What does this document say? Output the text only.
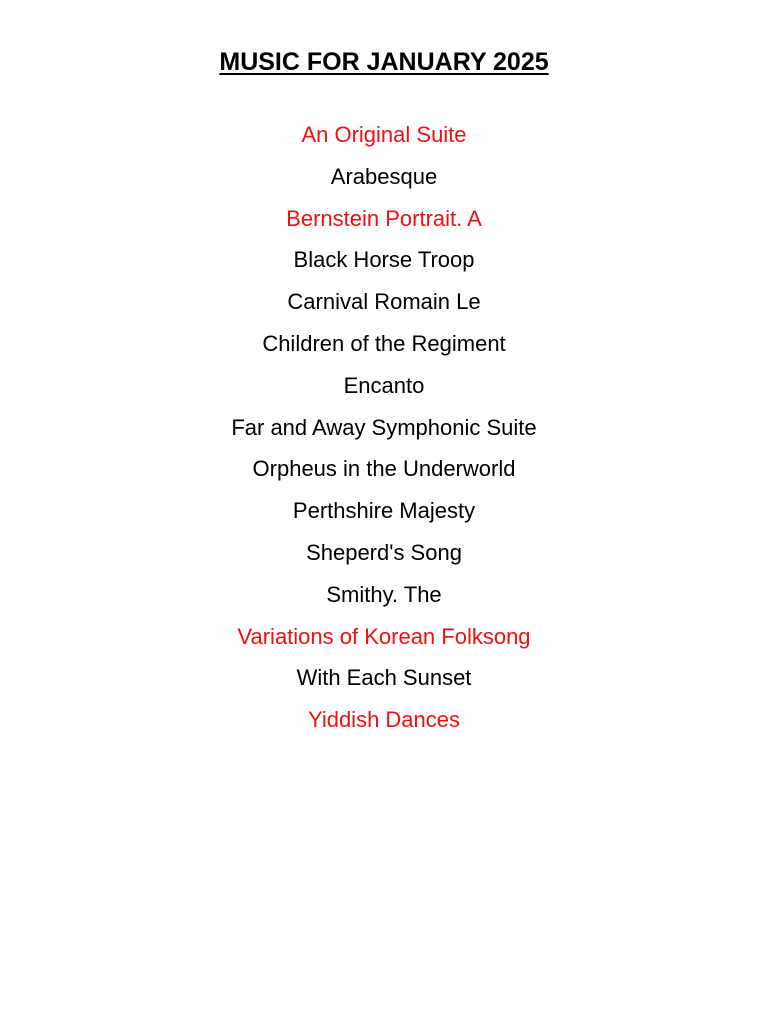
MUSIC FOR JANUARY 2025
An Original Suite
Arabesque
Bernstein Portrait. A
Black Horse Troop
Carnival Romain Le
Children of the Regiment
Encanto
Far and Away Symphonic Suite
Orpheus in the Underworld
Perthshire Majesty
Sheperd's Song
Smithy. The
Variations of Korean Folksong
With Each Sunset
Yiddish Dances
